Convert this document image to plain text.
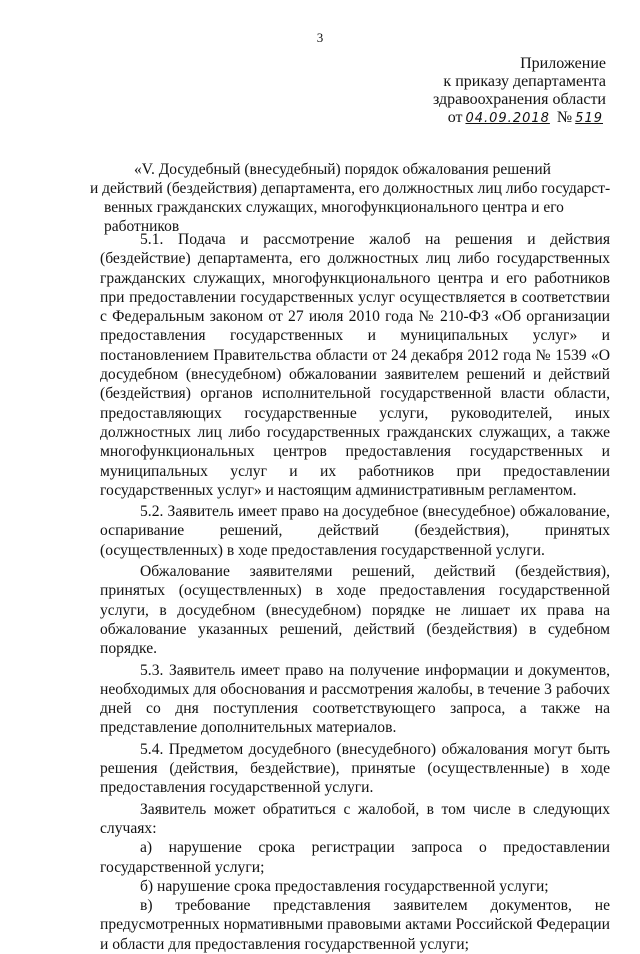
3
Приложение
к приказу департамента
здравоохранения области
от 04.09.2018 № 519
«V. Досудебный (внесудебный) порядок обжалования решений
и действий (бездействия) департамента, его должностных лиц либо государст-
венных гражданских служащих, многофункционального центра и его работников

5.1. Подача и рассмотрение жалоб на решения и действия (бездействие) департамента, его должностных лиц либо государственных гражданских служащих, многофункционального центра и его работников при предоставлении государственных услуг осуществляется в соответствии с Федеральным законом от 27 июля 2010 года № 210-ФЗ «Об организации предоставления государственных и муниципальных услуг» и постановлением Правительства области от 24 декабря 2012 года № 1539 «О досудебном (внесудебном) обжаловании заявителем решений и действий (бездействия) органов исполнительной государственной власти области, предоставляющих государственные услуги, руководителей, иных должностных лиц либо государственных гражданских служащих, а также многофункциональных центров предоставления государственных и муниципальных услуг и их работников при предоставлении государственных услуг» и настоящим административным регламентом.

5.2. Заявитель имеет право на досудебное (внесудебное) обжалование, оспаривание решений, действий (бездействия), принятых (осуществленных) в ходе предоставления государственной услуги.

Обжалование заявителями решений, действий (бездействия), принятых (осуществленных) в ходе предоставления государственной услуги, в досудебном (внесудебном) порядке не лишает их права на обжалование указанных решений, действий (бездействия) в судебном порядке.

5.3. Заявитель имеет право на получение информации и документов, необходимых для обоснования и рассмотрения жалобы, в течение 3 рабочих дней со дня поступления соответствующего запроса, а также на представление дополнительных материалов.

5.4. Предметом досудебного (внесудебного) обжалования могут быть решения (действия, бездействие), принятые (осуществленные) в ходе предоставления государственной услуги.

Заявитель может обратиться с жалобой, в том числе в следующих случаях:

а) нарушение срока регистрации запроса о предоставлении государственной услуги;

б) нарушение срока предоставления государственной услуги;

в) требование представления заявителем документов, не предусмотренных нормативными правовыми актами Российской Федерации и области для предоставления государственной услуги;
